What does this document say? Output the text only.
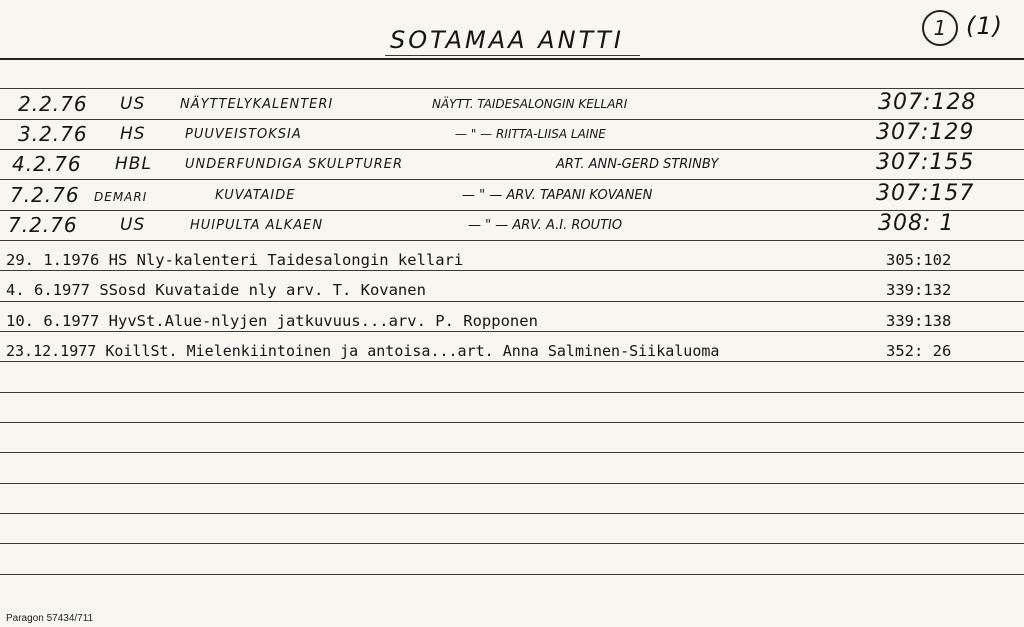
SOTAMAA ANTTI	1 (1)
2.2.76 US	NÄYTTELYKALENTERI	NÄYTT. TAIDESALONGIN KELLARI	307:128
3.2.76 HS	PUUVEISTOKSIA	— " — RIITTA-LIISA LAINE	307:129
4.2.76 HBL	UNDERFUNDIGA SKULPTURER	ART. ANN-GERD STRINBY	307:155
7.2.76 DEMARI	KUVATAIDE	— " — ARV. TAPANI KOVANEN	307:157
7.2.76 US	HUIPULTA ALKAEN	— " — ARV. A.I. ROUTIO	308: 1
29. 1.1976 HS Nly-kalenteri Taidesalongin kellari	305:102
4. 6.1977 SSosd Kuvataide nly arv. T. Kovanen	339:132
10. 6.1977 HyvSt.Alue-nlyjen jatkuvuus...arv. P. Ropponen	339:138
23.12.1977 KoillSt. Mielenkiintoinen ja antoisa...art. Anna Salminen-Siikaluoma	352: 26
Paragon 57434/711
